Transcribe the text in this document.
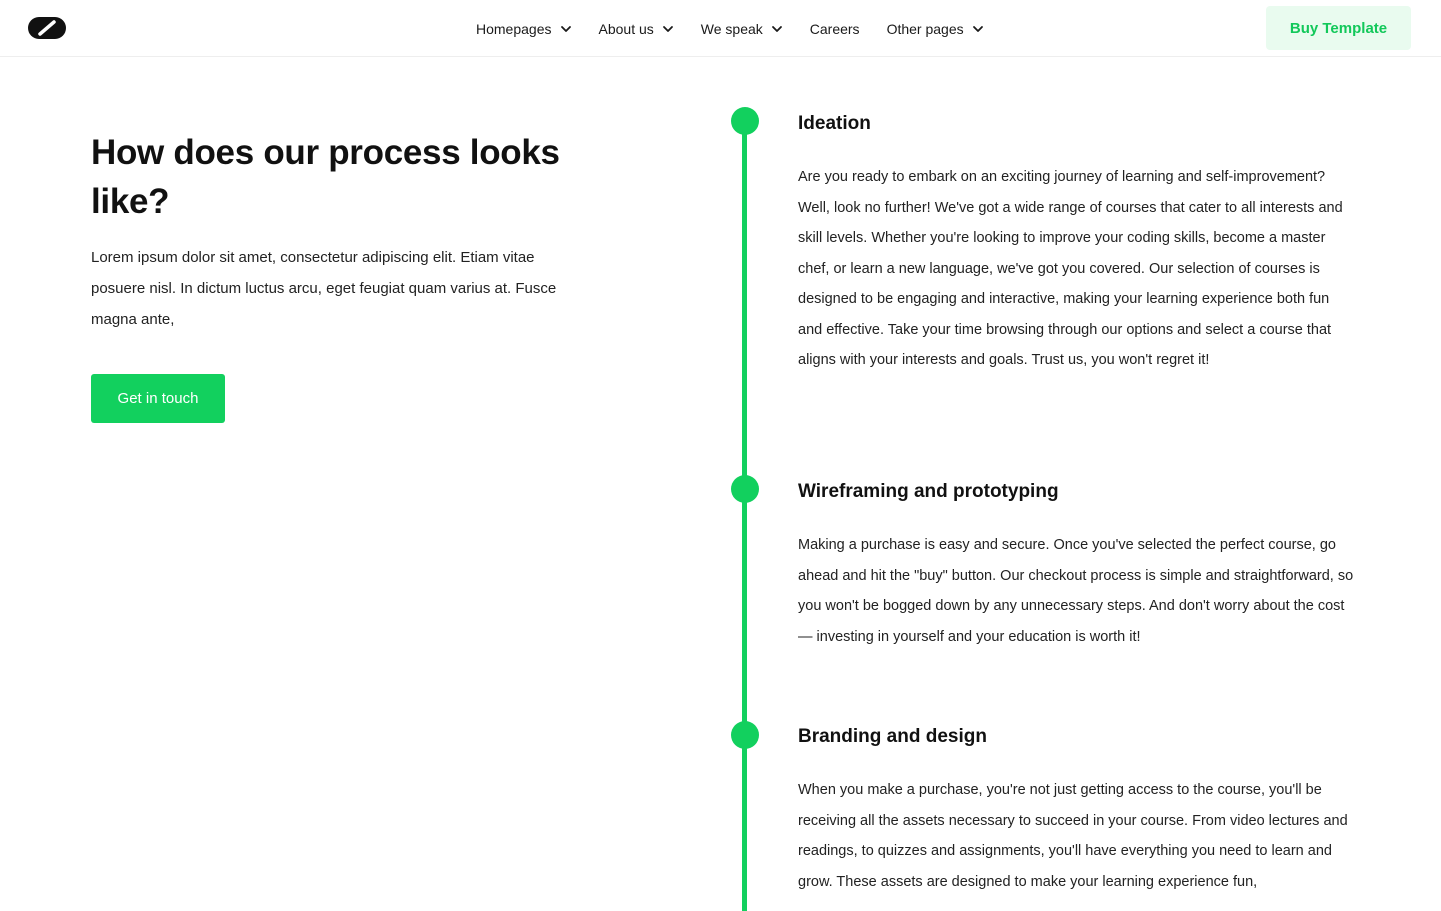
Homepages	About us	We speak	Careers Other pages	Buy Template
How does our process looks like?

Lorem ipsum dolor sit amet, consectetur adipiscing elit. Etiam vitae posuere nisl. In dictum luctus arcu, eget feugiat quam varius at. Fusce magna ante,

Get in touch
Ideation

Are you ready to embark on an exciting journey of learning and self-improvement? Well, look no further! We've got a wide range of courses that cater to all interests and skill levels. Whether you're looking to improve your coding skills, become a master chef, or learn a new language, we've got you covered. Our selection of courses is designed to be engaging and interactive, making your learning experience both fun and effective. Take your time browsing through our options and select a course that aligns with your interests and goals. Trust us, you won't regret it!

Wireframing and prototyping

Making a purchase is easy and secure. Once you've selected the perfect course, go ahead and hit the "buy" button. Our checkout process is simple and straightforward, so you won't be bogged down by any unnecessary steps. And don't worry about the cost — investing in yourself and your education is worth it!

Branding and design

When you make a purchase, you're not just getting access to the course, you'll be receiving all the assets necessary to succeed in your course. From video lectures and readings, to quizzes and assignments, you'll have everything you need to learn and grow. These assets are designed to make your learning experience fun,
